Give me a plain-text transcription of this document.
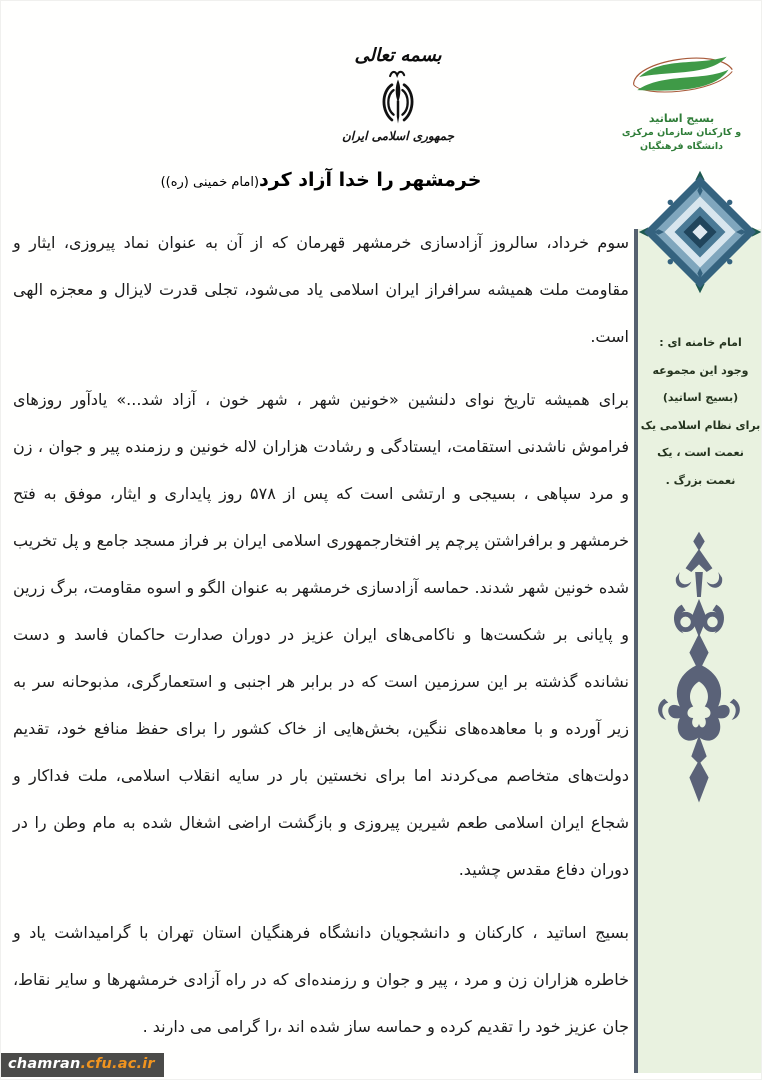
بسمه تعالی
جمهوری اسلامی ایران
بسیج اساتید
و کارکنان سازمان مرکزی دانشگاه فرهنگیان
خرمشهر را خدا آزاد کرد(امام خمینی (ره))

سوم خرداد، سالروز آزادسازی خرمشهر قهرمان که از آن به عنوان نماد پیروزی، ایثار و مقاومت ملت همیشه سرافراز ایران اسلامی یاد می‌شود، تجلی قدرت لایزال و معجزه الهی است.

برای همیشه تاریخ نوای دلنشین «خونین شهر ، شهر خون ، آزاد شد...» یادآور روزهای فراموش ناشدنی استقامت، ایستادگی و رشادت هزاران لاله خونین و رزمنده پیر و جوان ، زن و مرد سپاهی ، بسیجی و ارتشی است که پس از ۵۷۸ روز پایداری و ایثار، موفق به فتح خرمشهر و برافراشتن پرچم پر افتخارجمهوری اسلامی ایران بر فراز مسجد جامع و پل تخریب شده خونین شهر شدند. حماسه آزادسازی خرمشهر به عنوان الگو و اسوه مقاومت، برگ زرین و پایانی بر شکست‌ها و ناکامی‌های ایران عزیز در دوران صدارت حاکمان فاسد و دست نشانده گذشته بر این سرزمین است که در برابر هر اجنبی و استعمارگری، مذبوحانه سر به زیر آورده و با معاهده‌های ننگین، بخش‌هایی از خاک کشور را برای حفظ منافع خود، تقدیم دولت‌های متخاصم می‌کردند اما برای نخستین بار در سایه انقلاب اسلامی، ملت فداکار و شجاع ایران اسلامی طعم شیرین پیروزی و بازگشت اراضی اشغال شده به مام وطن را در دوران دفاع مقدس چشید.

بسیج اساتید ، کارکنان و دانشجویان دانشگاه فرهنگیان استان تهران با گرامیداشت یاد و خاطره هزاران زن و مرد ، پیر و جوان و رزمنده‌ای که در راه آزادی خرمشهرها و سایر نقاط، جان عزیز خود را تقدیم کرده و حماسه ساز شده اند ،را گرامی می دارند .

امام خامنه ای :
وجود این مجموعه (بسیج اساتید)
برای نظام اسلامی یک
نعمت است ، یک
نعمت بزرگ .
chamran.cfu.ac.ir
